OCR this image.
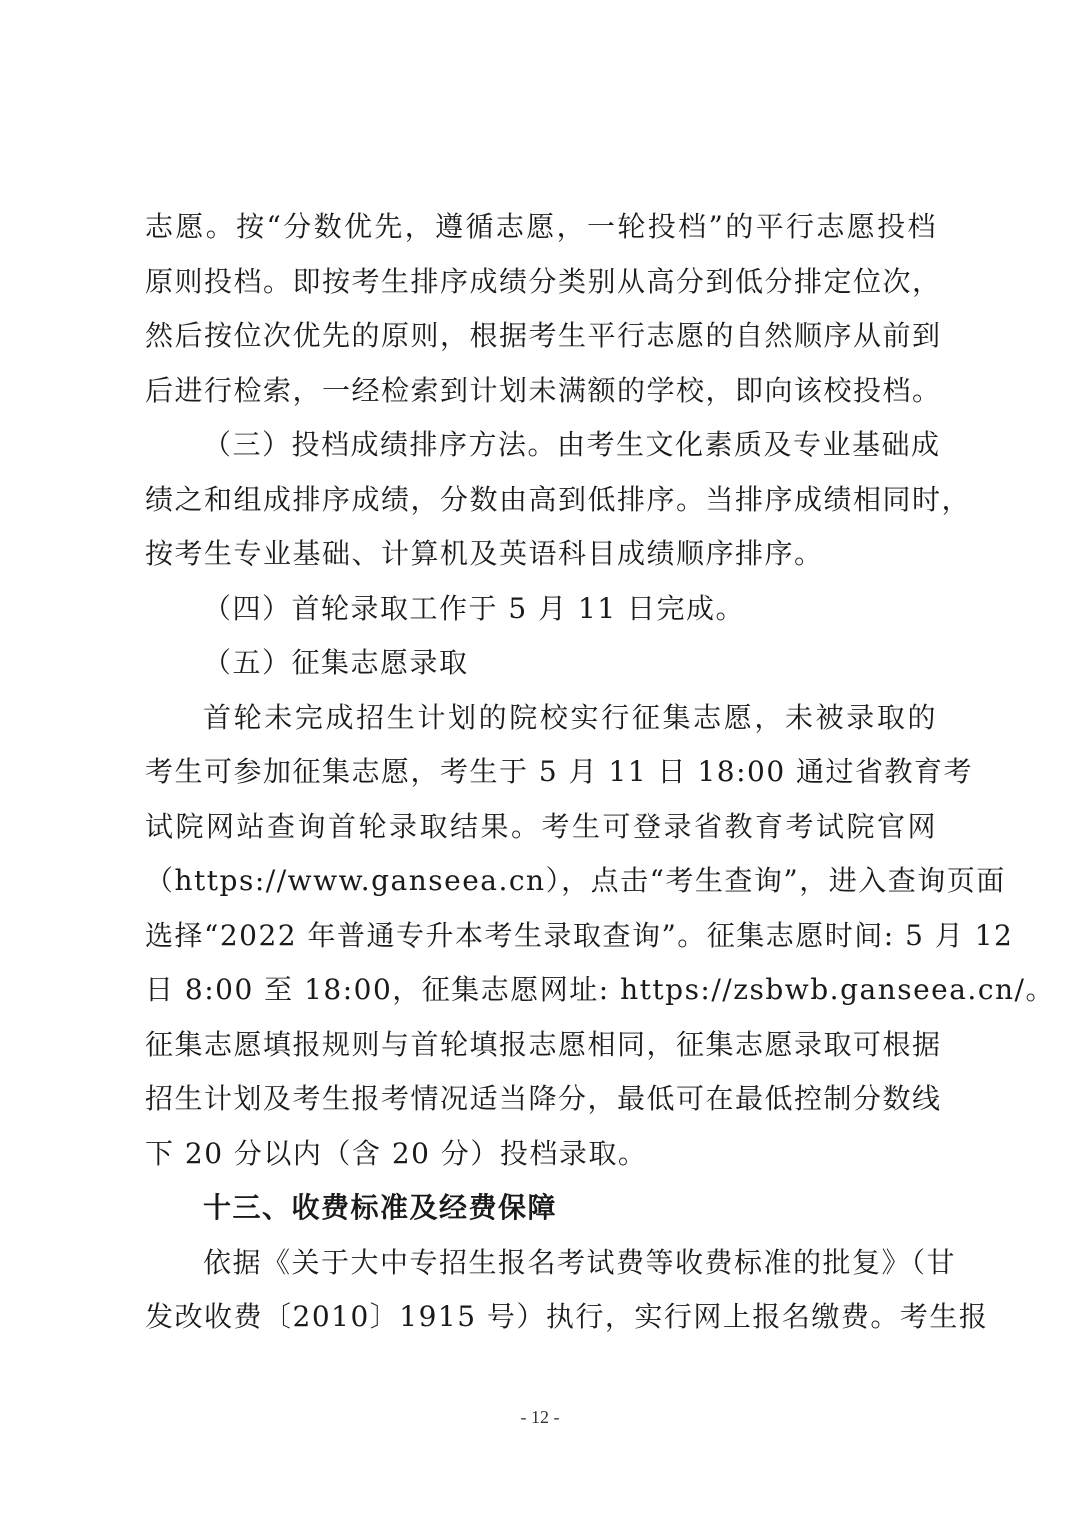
志愿。按“分数优先，遵循志愿，一轮投档”的平行志愿投档
原则投档。即按考生排序成绩分类别从高分到低分排定位次，
然后按位次优先的原则，根据考生平行志愿的自然顺序从前到
后进行检索，一经检索到计划未满额的学校，即向该校投档。
（三）投档成绩排序方法。由考生文化素质及专业基础成
绩之和组成排序成绩，分数由高到低排序。当排序成绩相同时，
按考生专业基础、计算机及英语科目成绩顺序排序。
（四）首轮录取工作于 5 月 11 日完成。
（五）征集志愿录取
首轮未完成招生计划的院校实行征集志愿，未被录取的
考生可参加征集志愿，考生于 5 月 11 日 18:00 通过省教育考
试院网站查询首轮录取结果。考生可登录省教育考试院官网
（https://www.ganseea.cn），点击“考生查询”，进入查询页面
选择“2022 年普通专升本考生录取查询”。征集志愿时间: 5 月 12
日 8:00 至 18:00，征集志愿网址: https://zsbwb.ganseea.cn/。
征集志愿填报规则与首轮填报志愿相同，征集志愿录取可根据
招生计划及考生报考情况适当降分，最低可在最低控制分数线
下 20 分以内（含 20 分）投档录取。
十三、收费标准及经费保障
依据《关于大中专招生报名考试费等收费标准的批复》（甘
发改收费〔2010〕1915 号）执行，实行网上报名缴费。考生报
- 12 -
